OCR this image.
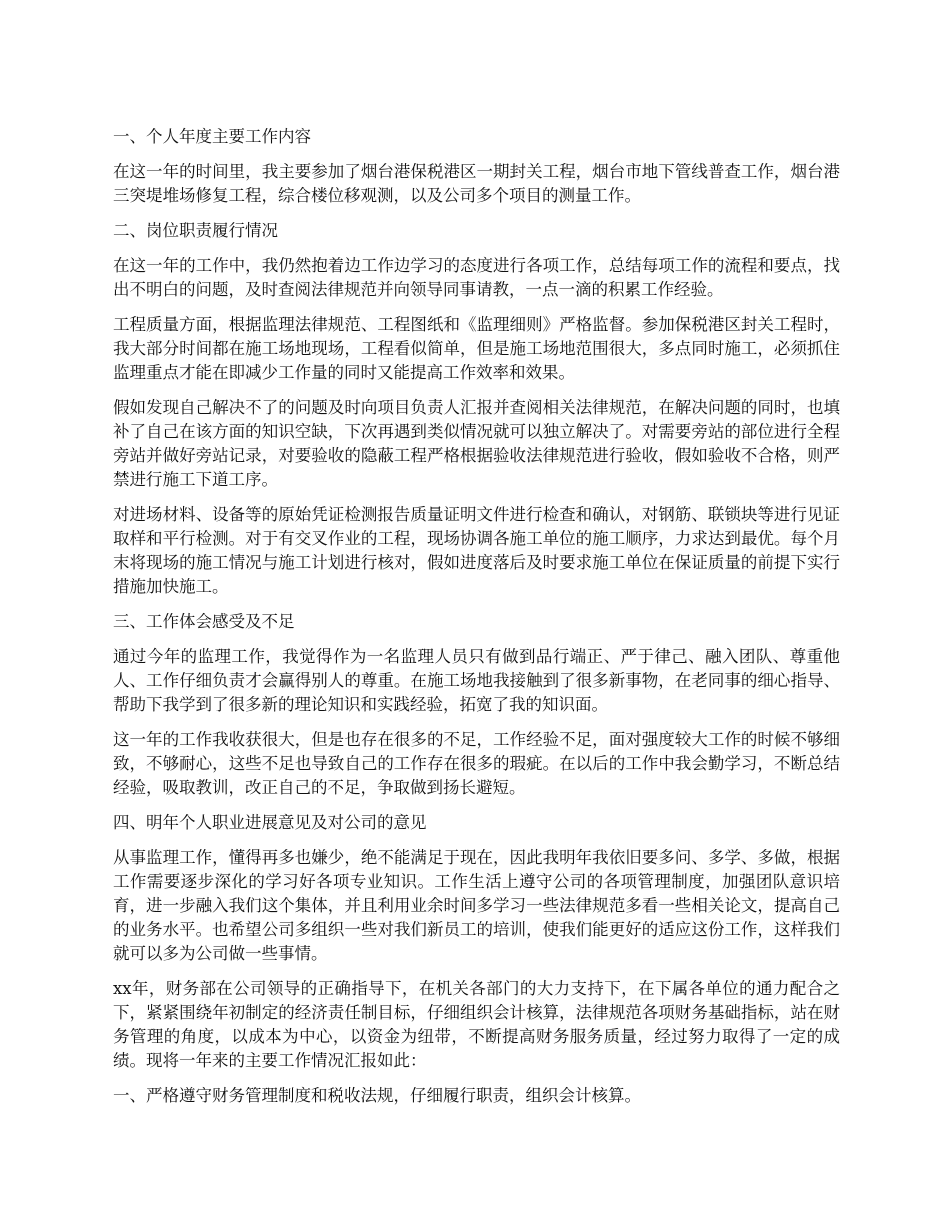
一、个人年度主要工作内容

在这一年的时间里，我主要参加了烟台港保税港区一期封关工程，烟台市地下管线普查工作，烟台港三突堤堆场修复工程，综合楼位移观测，以及公司多个项目的测量工作。

二、岗位职责履行情况

在这一年的工作中，我仍然抱着边工作边学习的态度进行各项工作，总结每项工作的流程和要点，找出不明白的问题，及时查阅法律规范并向领导同事请教，一点一滴的积累工作经验。

工程质量方面，根据监理法律规范、工程图纸和《监理细则》严格监督。参加保税港区封关工程时，我大部分时间都在施工场地现场，工程看似简单，但是施工场地范围很大，多点同时施工，必须抓住监理重点才能在即减少工作量的同时又能提高工作效率和效果。

假如发现自己解决不了的问题及时向项目负责人汇报并查阅相关法律规范，在解决问题的同时，也填补了自己在该方面的知识空缺，下次再遇到类似情况就可以独立解决了。对需要旁站的部位进行全程旁站并做好旁站记录，对要验收的隐蔽工程严格根据验收法律规范进行验收，假如验收不合格，则严禁进行施工下道工序。

对进场材料、设备等的原始凭证检测报告质量证明文件进行检查和确认，对钢筋、联锁块等进行见证取样和平行检测。对于有交叉作业的工程，现场协调各施工单位的施工顺序，力求达到最优。每个月末将现场的施工情况与施工计划进行核对，假如进度落后及时要求施工单位在保证质量的前提下实行措施加快施工。

三、工作体会感受及不足

通过今年的监理工作，我觉得作为一名监理人员只有做到品行端正、严于律己、融入团队、尊重他人、工作仔细负责才会赢得别人的尊重。在施工场地我接触到了很多新事物，在老同事的细心指导、帮助下我学到了很多新的理论知识和实践经验，拓宽了我的知识面。

这一年的工作我收获很大，但是也存在很多的不足，工作经验不足，面对强度较大工作的时候不够细致，不够耐心，这些不足也导致自己的工作存在很多的瑕疵。在以后的工作中我会勤学习，不断总结经验，吸取教训，改正自己的不足，争取做到扬长避短。

四、明年个人职业进展意见及对公司的意见

从事监理工作，懂得再多也嫌少，绝不能满足于现在，因此我明年我依旧要多问、多学、多做，根据工作需要逐步深化的学习好各项专业知识。工作生活上遵守公司的各项管理制度，加强团队意识培育，进一步融入我们这个集体，并且利用业余时间多学习一些法律规范多看一些相关论文，提高自己的业务水平。也希望公司多组织一些对我们新员工的培训，使我们能更好的适应这份工作，这样我们就可以多为公司做一些事情。

xx年，财务部在公司领导的正确指导下，在机关各部门的大力支持下，在下属各单位的通力配合之下，紧紧围绕年初制定的经济责任制目标，仔细组织会计核算，法律规范各项财务基础指标，站在财务管理的角度，以成本为中心，以资金为纽带，不断提高财务服务质量，经过努力取得了一定的成绩。现将一年来的主要工作情况汇报如此：

一、严格遵守财务管理制度和税收法规，仔细履行职责，组织会计核算。
